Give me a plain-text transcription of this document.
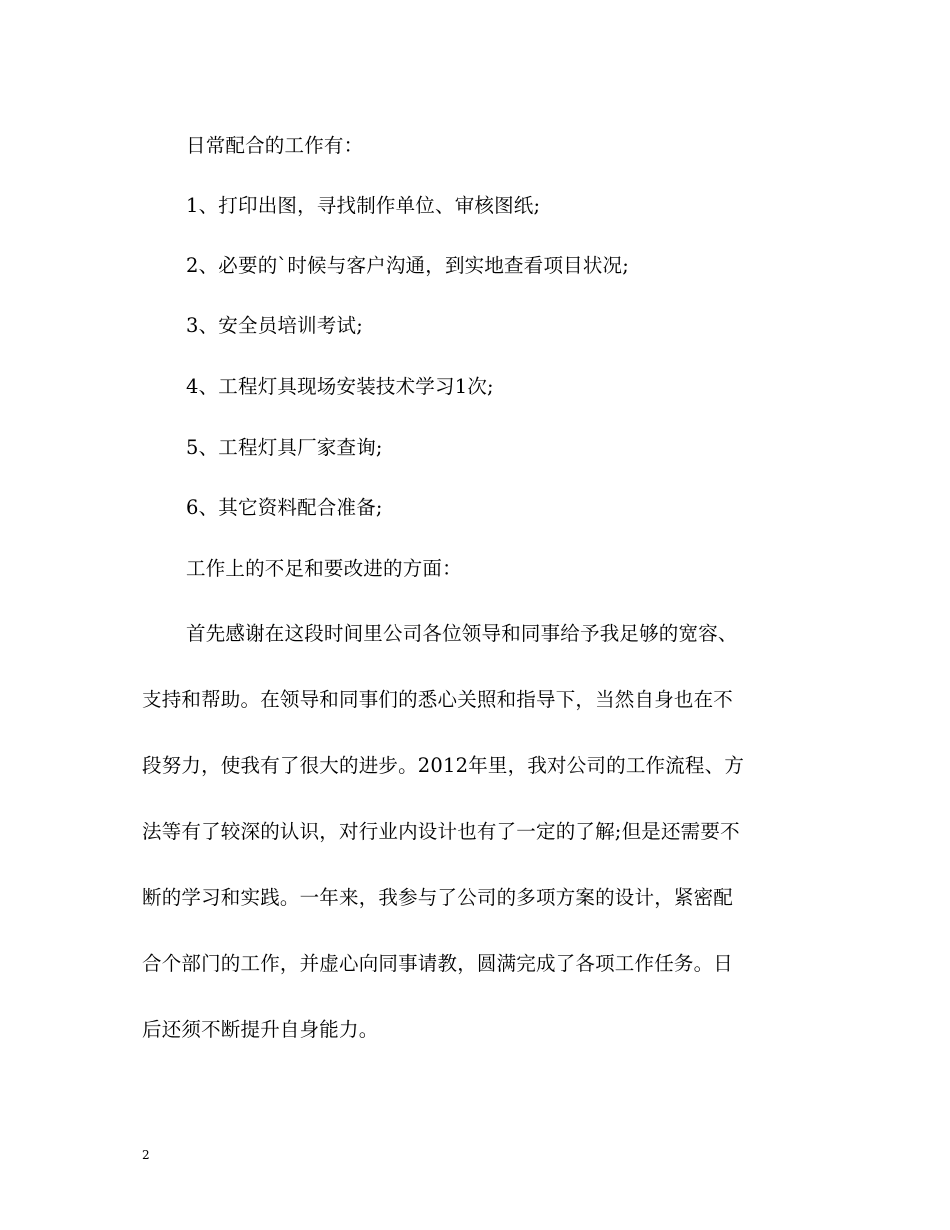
日常配合的工作有：
1、打印出图，寻找制作单位、审核图纸;
2、必要的`时候与客户沟通，到实地查看项目状况;
3、安全员培训考试;
4、工程灯具现场安装技术学习1次;
5、工程灯具厂家查询;
6、其它资料配合准备;
工作上的不足和要改进的方面：
首先感谢在这段时间里公司各位领导和同事给予我足够的宽容、
支持和帮助。在领导和同事们的悉心关照和指导下，当然自身也在不
段努力，使我有了很大的进步。2012年里，我对公司的工作流程、方
法等有了较深的认识，对行业内设计也有了一定的了解;但是还需要不
断的学习和实践。一年来，我参与了公司的多项方案的设计，紧密配
合个部门的工作，并虚心向同事请教，圆满完成了各项工作任务。日
后还须不断提升自身能力。
2
